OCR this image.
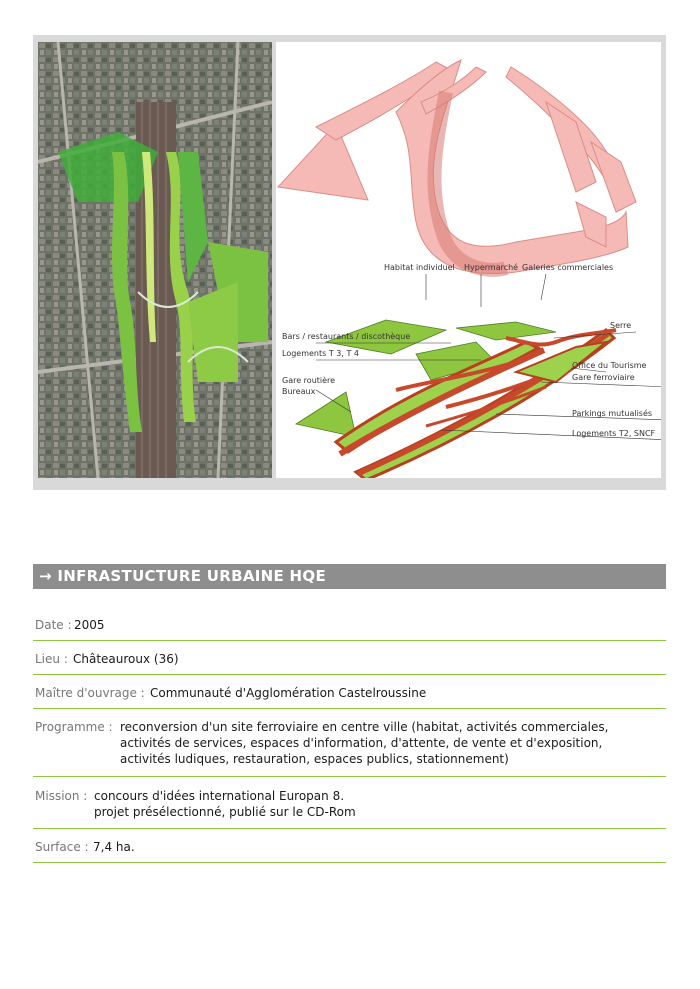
Habitat individuel Hypermarché Galeries commerciales
Serre
Bars / restaurants / discothèque
Logements T 3, T 4
Office du Tourisme
Gare ferroviaire
Gare routière
Bureaux
Parkings mutualisés
Logements T2, SNCF
→ INFRASTUCTURE URBAINE HQE
Date : 2005
Lieu : Châteauroux (36)
Maître d'ouvrage : Communauté d'Agglomération Castelroussine
Programme : reconversion d'un site ferroviaire en centre ville (habitat, activités commerciales,
activités de services, espaces d'information, d'attente, de vente et d'exposition,
activités ludiques, restauration, espaces publics, stationnement)
Mission : concours d'idées international Europan 8.
projet présélectionné, publié sur le CD-Rom
Surface : 7,4 ha.
